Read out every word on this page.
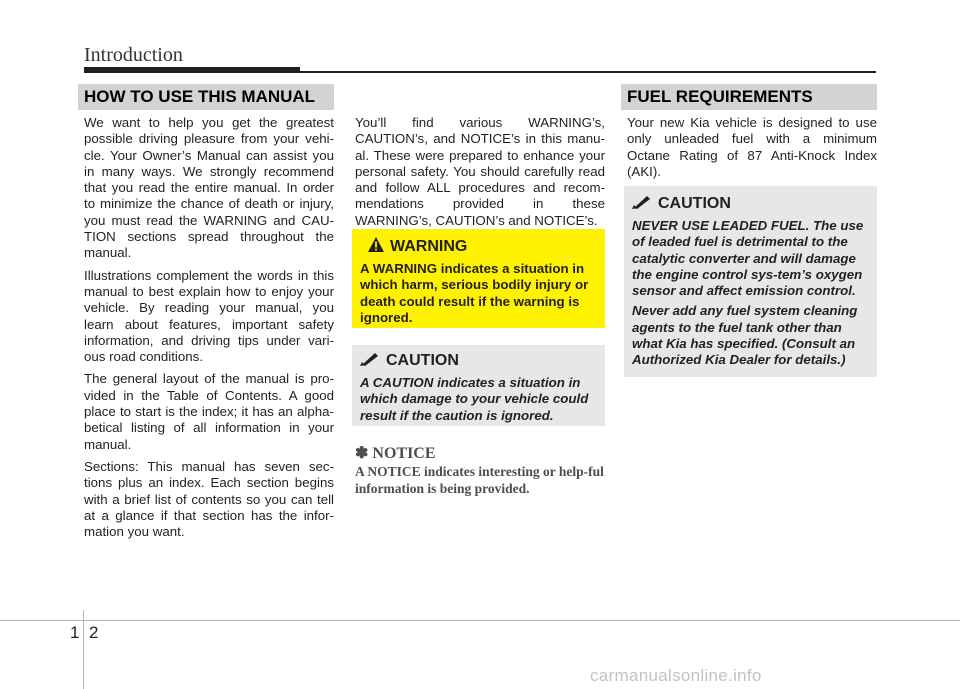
Introduction
HOW TO USE THIS MANUAL

We want to help you get the greatest possible driving pleasure from your vehi-cle. Your Owner’s Manual can assist you in many ways. We strongly recommend that you read the entire manual. In order to minimize the chance of death or injury, you must read the WARNING and CAU-TION sections spread throughout the manual.

Illustrations complement the words in this manual to best explain how to enjoy your vehicle. By reading your manual, you learn about features, important safety information, and driving tips under vari-ous road conditions.

The general layout of the manual is pro-vided in the Table of Contents. A good place to start is the index; it has an alpha-betical listing of all information in your manual.

Sections: This manual has seven sec-tions plus an index. Each section begins with a brief list of contents so you can tell at a glance if that section has the infor-mation you want.

You’ll find various WARNING’s, CAUTION’s, and NOTICE’s in this manu-al. These were prepared to enhance your personal safety. You should carefully read and follow ALL procedures and recom-mendations provided in these WARNING’s, CAUTION’s and NOTICE’s.

WARNING
A WARNING indicates a situation in which harm, serious bodily injury or death could result if the warning is ignored.
CAUTION
A CAUTION indicates a situation in which damage to your vehicle could result if the caution is ignored.
✽ NOTICE
A NOTICE indicates interesting or help-ful information is being provided.
FUEL REQUIREMENTS

Your new Kia vehicle is designed to use only unleaded fuel with a minimum Octane Rating of 87 Anti-Knock Index (AKI).

CAUTION

NEVER USE LEADED FUEL. The use of leaded fuel is detrimental to the catalytic converter and will damage the engine control sys-tem’s oxygen sensor and affect emission control.

Never add any fuel system cleaning agents to the fuel tank other than what Kia has specified. (Consult an Authorized Kia Dealer for details.)

1 2
carmanualsonline.info
